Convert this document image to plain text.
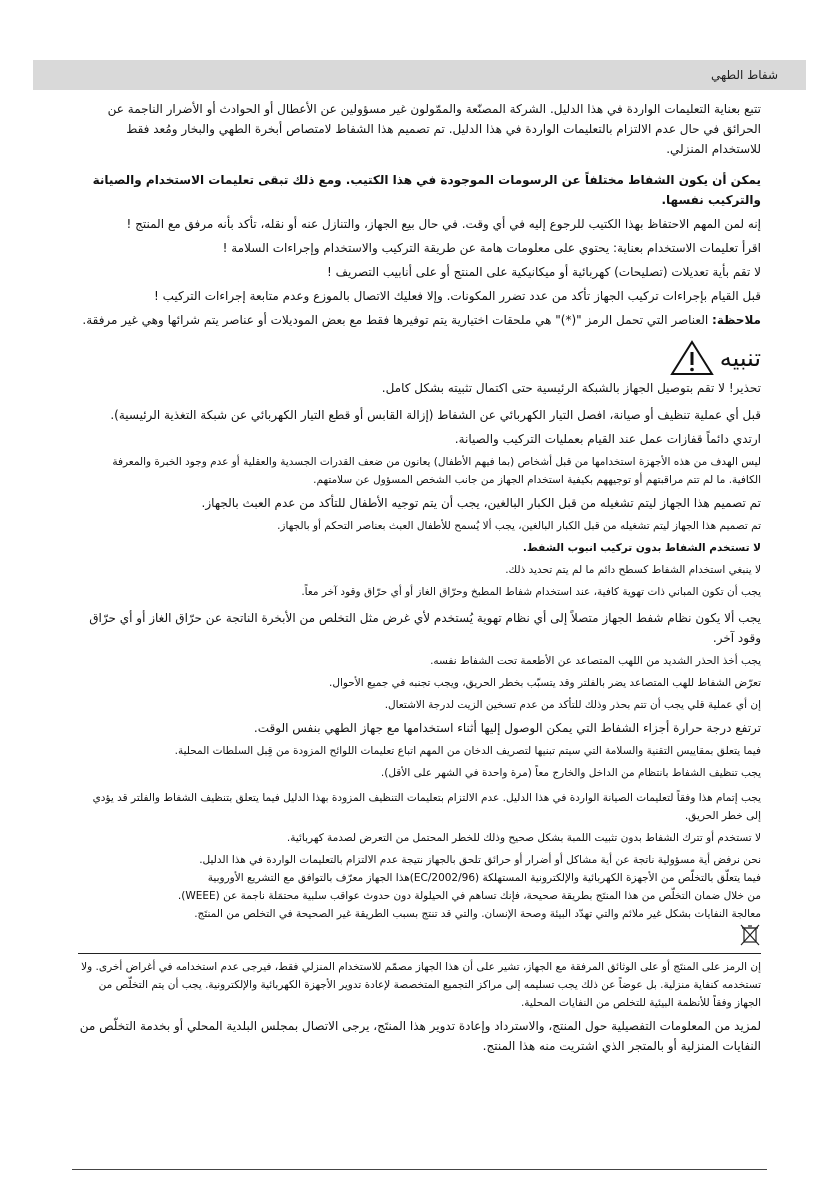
شفاط الطهي

تتبع بعناية التعليمات الواردة في هذا الدليل. الشركة المصنّعة والممّولون غير مسؤولين عن الأعطال أو الحوادث أو الأضرار الناجمة عن الحرائق في حال عدم الالتزام بالتعليمات الواردة في هذا الدليل. تم تصميم هذا الشفاط لامتصاص أبخرة الطهي والبخار ومُعد فقط للاستخدام المنزلي.

يمكن أن يكون الشفاط مختلفاً عن الرسومات الموجودة في هذا الكتيب. ومع ذلك تبقى تعليمات الاستخدام والصيانة والتركيب نفسها.

إنه لمن المهم الاحتفاظ بهذا الكتيب للرجوع إليه في أي وقت. في حال بيع الجهاز، والتنازل عنه أو نقله، تأكد بأنه مرفق مع المنتج !

اقرأ تعليمات الاستخدام بعناية: يحتوي على معلومات هامة عن طريقة التركيب والاستخدام وإجراءات السلامة !

لا تقم بأية تعديلات (تصليحات) كهربائية أو ميكانيكية على المنتج أو على أنابيب التصريف !

قبل القيام بإجراءات تركيب الجهاز تأكد من عدد تضرر المكونات. وإلا فعليك الاتصال بالموزع وعدم متابعة إجراءات التركيب !

ملاحظة: العناصر التي تحمل الرمز "(*)" هي ملحقات اختيارية يتم توفيرها فقط مع بعض الموديلات أو عناصر يتم شرائها وهي غير مرفقة.

تنبيه

تحذير! لا تقم بتوصيل الجهاز بالشبكة الرئيسية حتى اكتمال تثبيته بشكل كامل.

قبل أي عملية تنظيف أو صيانة، افصل التيار الكهربائي عن الشفاط (إزالة القابس أو قطع التيار الكهربائي عن شبكة التغذية الرئيسية).

ارتدي دائماً قفازات عمل عند القيام بعمليات التركيب والصيانة.

ليس الهدف من هذه الأجهزة استخدامها من قبل أشخاص (بما فيهم الأطفال) يعانون من ضعف القدرات الجسدية والعقلية أو عدم وجود الخبرة والمعرفة الكافية. ما لم تتم مراقبتهم أو توجيههم بكيفية استخدام الجهاز من جانب الشخص المسؤول عن سلامتهم.

تم تصميم هذا الجهاز ليتم تشغيله من قبل الكبار البالغين، يجب أن يتم توجيه الأطفال للتأكد من عدم العبث بالجهاز.

تم تصميم هذا الجهاز ليتم تشغيله من قبل الكبار البالغين، يجب ألا يُسمح للأطفال العبث بعناصر التحكم أو بالجهاز.

لا تستخدم الشفاط بدون تركيب انبوب الشفط.

لا ينبغي استخدام الشفاط كسطح دائم ما لم يتم تحديد ذلك.

يجب أن تكون المباني ذات تهوية كافية، عند استخدام شفاط المطبخ وحرّاق الغاز أو أي حرّاق وقود آخر معاً.

يجب ألا يكون نظام شفط الجهاز متصلاً إلى أي نظام تهوية يُستخدم لأي غرض مثل التخلص من الأبخرة الناتجة عن حرّاق الغاز أو أي حرّاق وقود آخر.

يجب أخذ الحذر الشديد من اللهب المتصاعد عن الأطعمة تحت الشفاط نفسه.

تعرّض الشفاط للهب المتصاعد يضر بالفلتر وقد يتسبّب بخطر الحريق، ويجب تجنبه في جميع الأحوال.

إن أي عملية قلي يجب أن تتم بحذر وذلك للتأكد من عدم تسخين الزيت لدرجة الاشتعال.

ترتفع درجة حرارة أجزاء الشفاط التي يمكن الوصول إليها أثناء استخدامها مع جهاز الطهي بنفس الوقت.

فيما يتعلق بمقاييس التقنية والسلامة التي سيتم تبنيها لتصريف الدخان من المهم اتباع تعليمات اللوائح المزودة من قِبل السلطات المحلية.

يجب تنظيف الشفاط بانتظام من الداخل والخارج معاً (مرة واحدة في الشهر على الأقل).

يجب إتمام هذا وفقاً لتعليمات الصيانة الواردة في هذا الدليل. عدم الالتزام بتعليمات التنظيف المزودة بهذا الدليل فيما يتعلق بتنظيف الشفاط والفلتر قد يؤدي إلى خطر الحريق.

لا تستخدم أو تترك الشفاط بدون تثبيت اللمبة بشكل صحيح وذلك للخطر المحتمل من التعرض لصدمة كهربائية.

نحن نرفض أية مسؤولية ناتجة عن أية مشاكل أو أضرار أو حرائق تلحق بالجهاز نتيجة عدم الالتزام بالتعليمات الواردة في هذا الدليل.

فيما يتعلّق بالتخلّص من الأجهزة الكهربائية والإلكترونية المستهلكة (2002/96/EC)هذا الجهاز معرّف بالتوافق مع التشريع الأوروبية

من خلال ضمان التخلّص من هذا المنتَج بطريقة صحيحة، فإنك تساهم في الحيلولة دون حدوث عواقب سلبية محتمَلة ناجمة عن (WEEE).

معالجة النفايات بشكل غير ملائم والتي تهدّد البيئة وصحة الإنسان. والتي قد تنتج بسبب الطريقة غير الصحيحة في التخلص من المنتَج.

إن الرمز على المنتَج أو على الوثائق المرفقة مع الجهاز، تشير على أن هذا الجهاز مصمّم للاستخدام المنزلي فقط، فيرجى عدم استخدامه في أغراض أخرى. ولا تستخدمه كنفاية منزلية. بل عوضاً عن ذلك يجب تسليمه إلى مراكز التجميع المتخصصة لإعادة تدوير الأجهزة الكهربائية والإلكترونية. يجب أن يتم التخلّص من الجهاز وفقاً للأنظمة البيئية للتخلص من النفايات المحلية.

لمزيد من المعلومات التفصيلية حول المنتج، والاسترداد وإعادة تدوير هذا المنتَج، يرجى الاتصال بمجلس البلدية المحلي أو بخدمة التخلّص من النفايات المنزلية أو بالمتجر الذي اشتريت منه هذا المنتج.
